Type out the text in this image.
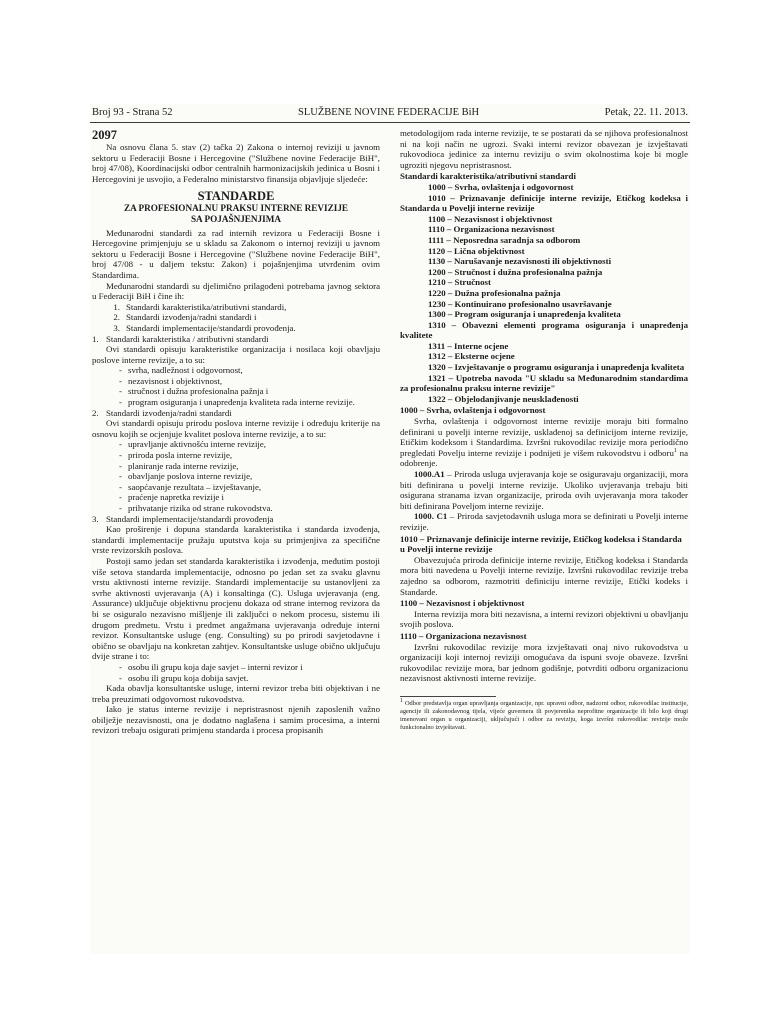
Broj 93 - Strana 52	SLUŽBENE NOVINE FEDERACIJE BiH	Petak, 22. 11. 2013.
2097

Na osnovu člana 5. stav (2) tačka 2) Zakona o internoj reviziji u javnom sektoru u Federaciji Bosne i Hercegovine ("Službene novine Federacije BiH", broj 47/08), Koordinacijski odbor centralnih harmonizacijskih jedinica u Bosni i Hercegovini je usvojio, a Federalno ministarstvo finansija objavljuje sljedeće:

STANDARDE
ZA PROFESIONALNU PRAKSU INTERNE REVIZIJE
SA POJAŠNJENJIMA

Međunarodni standardi za rad internih revizora u Federaciji Bosne i Hercegovine primjenjuju se u skladu sa Zakonom o internoj reviziji u javnom sektoru u Federaciji Bosne i Hercegovine ("Službene novine Federacije BiH", broj 47/08 - u daljem tekstu: Zakon) i pojašnjenjima utvrđenim ovim Standardima.

Međunarodni standardi su djelimično prilagođeni potrebama javnog sektora u Federaciji BiH i čine ih:

1. Standardi karakteristika/atributivni standardi,
2. Standardi izvođenja/radni standardi i
3. Standardi implementacije/standardi provođenja.
1. Standardi karakteristika / atributivni standardi

Ovi standardi opisuju karakteristike organizacija i nosilaca koji obavljaju poslove interne revizije, a to su:

- svrha, nadležnost i odgovornost,
- nezavisnost i objektivnost,
- stručnost i dužna profesionalna pažnja i
- program osiguranja i unapređenja kvaliteta rada interne revizije.
2. Standardi izvođenja/radni standardi

Ovi standardi opisuju prirodu poslova interne revizije i određuju kriterije na osnovu kojih se ocjenjuje kvalitet poslova interne revizije, a to su:

- upravljanje aktivnošću interne revizije,
- priroda posla interne revizije,
- planiranje rada interne revizije,
- obavljanje poslova interne revizije,
- saopćavanje rezultata – izvještavanje,
- praćenje napretka revizije i
- prihvatanje rizika od strane rukovodstva.
3. Standardi implementacije/standardi provođenja

Kao proširenje i dopuna standarda karakteristika i standarda izvođenja, standardi implementacije pružaju uputstva koja su primjenjiva za specifične vrste revizorskih poslova.

Postoji samo jedan set standarda karakteristika i izvođenja, međutim postoji više setova standarda implementacije, odnosno po jedan set za svaku glavnu vrstu aktivnosti interne revizije. Standardi implementacije su ustanovljeni za svrhe aktivnosti uvjeravanja (A) i konsaltinga (C). Usluga uvjeravanja (eng. Assurance) uključuje objektivnu procjenu dokaza od strane internog revizora da bi se osiguralo nezavisno mišljenje ili zaključci o nekom procesu, sistemu ili drugom predmetu. Vrstu i predmet angažmana uvjeravanja određuje interni revizor. Konsultantske usluge (eng. Consulting) su po prirodi savjetodavne i obično se obavljaju na konkretan zahtjev. Konsultantske usluge obično uključuju dvije strane i to:

- osobu ili grupu koja daje savjet – interni revizor i
- osobu ili grupu koja dobija savjet.

Kada obavlja konsultantske usluge, interni revizor treba biti objektivan i ne treba preuzimati odgovornost rukovodstva.

Iako je status interne revizije i nepristrasnost njenih zaposlenih važno obilježje nezavisnosti, ona je dodatno naglašena i samim procesima, a interni revizori trebaju osigurati primjenu standarda i procesa propisanih

metodologijom rada interne revizije, te se postarati da se njihova profesionalnost ni na koji način ne ugrozi. Svaki interni revizor obavezan je izvještavati rukovodioca jedinice za internu reviziju o svim okolnostima koje bi mogle ugroziti njegovu nepristrasnost.

Standardi karakteristika/atributivni standardi

1000 – Svrha, ovlaštenja i odgovornost

1010 – Priznavanje definicije interne revizije, Etičkog kodeksa i Standarda u Povelji interne revizije

1100 – Nezavisnost i objektivnost

1110 – Organizaciona nezavisnost

1111 – Neposredna saradnja sa odborom

1120 – Lična objektivnost

1130 – Narušavanje nezavisnosti ili objektivnosti

1200 – Stručnost i dužna profesionalna pažnja

1210 – Stručnost

1220 – Dužna profesionalna pažnja

1230 – Kontinuirano profesionalno usavršavanje

1300 – Program osiguranja i unapređenja kvaliteta

1310 – Obavezni elementi programa osiguranja i unapređenja kvalitete

1311 – Interne ocjene

1312 – Eksterne ocjene

1320 – Izvještavanje o programu osiguranja i unapređenja kvaliteta

1321 – Upotreba navoda "U skladu sa Međunarodnim standardima za profesionalnu praksu interne revizije"

1322 – Objelodanjivanje neusklađenosti

1000 – Svrha, ovlaštenja i odgovornost

Svrha, ovlaštenja i odgovornost interne revizije moraju biti formalno definirani u povelji interne revizije, usklađenoj sa definicijom interne revizije, Etičkim kodeksom i Standardima. Izvršni rukovodilac revizije mora periodično pregledati Povelju interne revizije i podnijeti je višem rukovodstvu i odboru$^1$ na odobrenje.

1000.A1 – Priroda usluga uvjeravanja koje se osiguravaju organizaciji, mora biti definirana u povelji interne revizije. Ukoliko uvjeravanja trebaju biti osigurana stranama izvan organizacije, priroda ovih uvjeravanja mora također biti definirana Poveljom interne revizije.

1000. C1 – Priroda savjetodavnih usluga mora se definirati u Povelji interne revizije.

1010 – Priznavanje definicije interne revizije, Etičkog kodeksa i Standarda u Povelji interne revizije

Obavezujuća priroda definicije interne revizije, Etičkog kodeksa i Standarda mora biti navedena u Povelji interne revizije. Izvršni rukovodilac revizije treba zajedno sa odborom, razmotriti definiciju interne revizije, Etički kodeks i Standarde.

1100 – Nezavisnost i objektivnost

Interna revizija mora biti nezavisna, a interni revizori objektivni u obavljanju svojih poslova.

1110 – Organizaciona nezavisnost

Izvršni rukovodilac revizije mora izvještavati onaj nivo rukovodstva u organizaciji koji internoj reviziji omogućava da ispuni svoje obaveze. Izvršni rukovodilac revizije mora, bar jednom godišnje, potvrditi odboru organizacionu nezavisnost aktivnosti interne revizije.

$^1$ Odbor predstavlja organ upravljanja organizacije, npr. upravni odbor, nadzorni odbor, rukovodilac institucije, agencije ili zakonodavnog tijela, vijeće guvernera ili povjerenika neprofitne organizacije ili bilo koji drugi imenovani organ u organizaciji, uključujući i odbor za reviziju, koga izvršni rukovodilac revizije može funkcionalno izvještavati.
